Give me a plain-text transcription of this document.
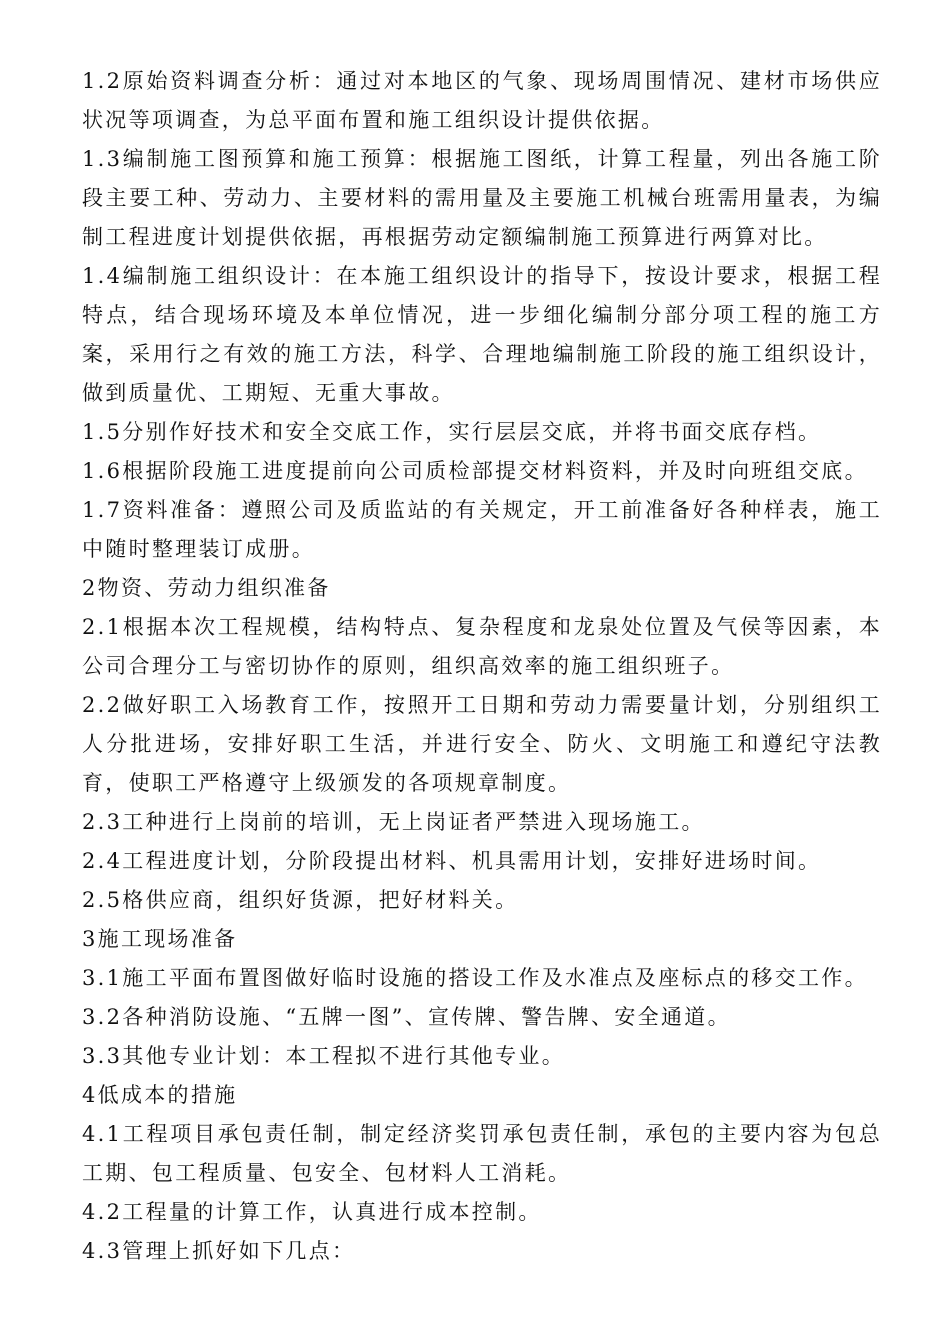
1.2原始资料调查分析：通过对本地区的气象、现场周围情况、建材市场供应状况等项调查，为总平面布置和施工组织设计提供依据。

1.3编制施工图预算和施工预算：根据施工图纸，计算工程量，列出各施工阶段主要工种、劳动力、主要材料的需用量及主要施工机械台班需用量表，为编制工程进度计划提供依据，再根据劳动定额编制施工预算进行两算对比。

1.4编制施工组织设计：在本施工组织设计的指导下，按设计要求，根据工程特点，结合现场环境及本单位情况，进一步细化编制分部分项工程的施工方案，采用行之有效的施工方法，科学、合理地编制施工阶段的施工组织设计，做到质量优、工期短、无重大事故。

1.5分别作好技术和安全交底工作，实行层层交底，并将书面交底存档。

1.6根据阶段施工进度提前向公司质检部提交材料资料，并及时向班组交底。

1.7资料准备：遵照公司及质监站的有关规定，开工前准备好各种样表，施工中随时整理装订成册。

2物资、劳动力组织准备

2.1根据本次工程规模，结构特点、复杂程度和龙泉处位置及气侯等因素，本公司合理分工与密切协作的原则，组织高效率的施工组织班子。

2.2做好职工入场教育工作，按照开工日期和劳动力需要量计划，分别组织工人分批进场，安排好职工生活，并进行安全、防火、文明施工和遵纪守法教育，使职工严格遵守上级颁发的各项规章制度。

2.3工种进行上岗前的培训，无上岗证者严禁进入现场施工。

2.4工程进度计划，分阶段提出材料、机具需用计划，安排好进场时间。

2.5格供应商，组织好货源，把好材料关。

3施工现场准备

3.1施工平面布置图做好临时设施的搭设工作及水准点及座标点的移交工作。

3.2各种消防设施、“五牌一图”、宣传牌、警告牌、安全通道。

3.3其他专业计划：本工程拟不进行其他专业。

4低成本的措施

4.1工程项目承包责任制，制定经济奖罚承包责任制，承包的主要内容为包总工期、包工程质量、包安全、包材料人工消耗。

4.2工程量的计算工作，认真进行成本控制。

4.3管理上抓好如下几点：
